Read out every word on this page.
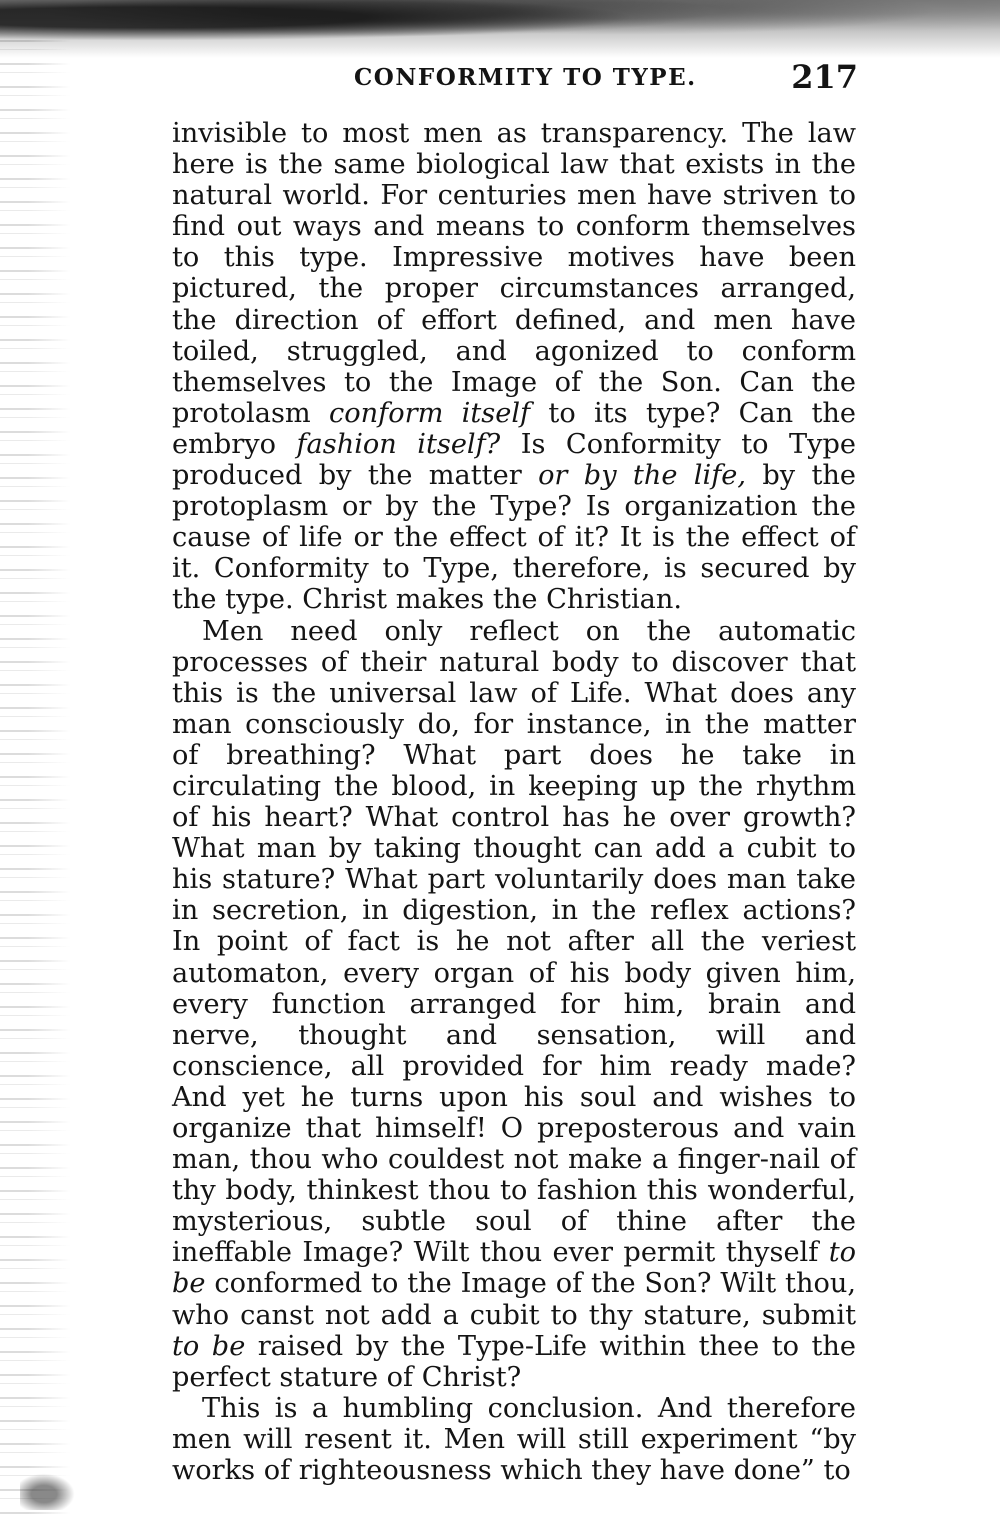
CONFORMITY TO TYPE.	217

invisible to most men as transparency. The law here is the same biological law that exists in the natural world. For centuries men have striven to find out ways and means to conform themselves to this type. Impressive motives have been pictured, the proper circumstances arranged, the direction of effort defined, and men have toiled, struggled, and agonized to conform themselves to the Image of the Son. Can the protolasm conform itself to its type? Can the embryo fashion itself? Is Conformity to Type produced by the matter or by the life, by the protoplasm or by the Type? Is organization the cause of life or the effect of it? It is the effect of it. Conformity to Type, therefore, is secured by the type. Christ makes the Christian.

Men need only reflect on the automatic processes of their natural body to discover that this is the universal law of Life. What does any man consciously do, for instance, in the matter of breathing? What part does he take in circulating the blood, in keeping up the rhythm of his heart? What control has he over growth? What man by taking thought can add a cubit to his stature? What part voluntarily does man take in secretion, in digestion, in the reflex actions? In point of fact is he not after all the veriest automaton, every organ of his body given him, every function arranged for him, brain and nerve, thought and sensation, will and conscience, all provided for him ready made? And yet he turns upon his soul and wishes to organize that himself! O preposterous and vain man, thou who couldest not make a finger-nail of thy body, thinkest thou to fashion this wonderful, mysterious, subtle soul of thine after the ineffable Image? Wilt thou ever permit thyself to be conformed to the Image of the Son? Wilt thou, who canst not add a cubit to thy stature, submit to be raised by the Type-Life within thee to the perfect stature of Christ?

This is a humbling conclusion. And therefore men will resent it. Men will still experiment “by works of righteousness which they have done” to
